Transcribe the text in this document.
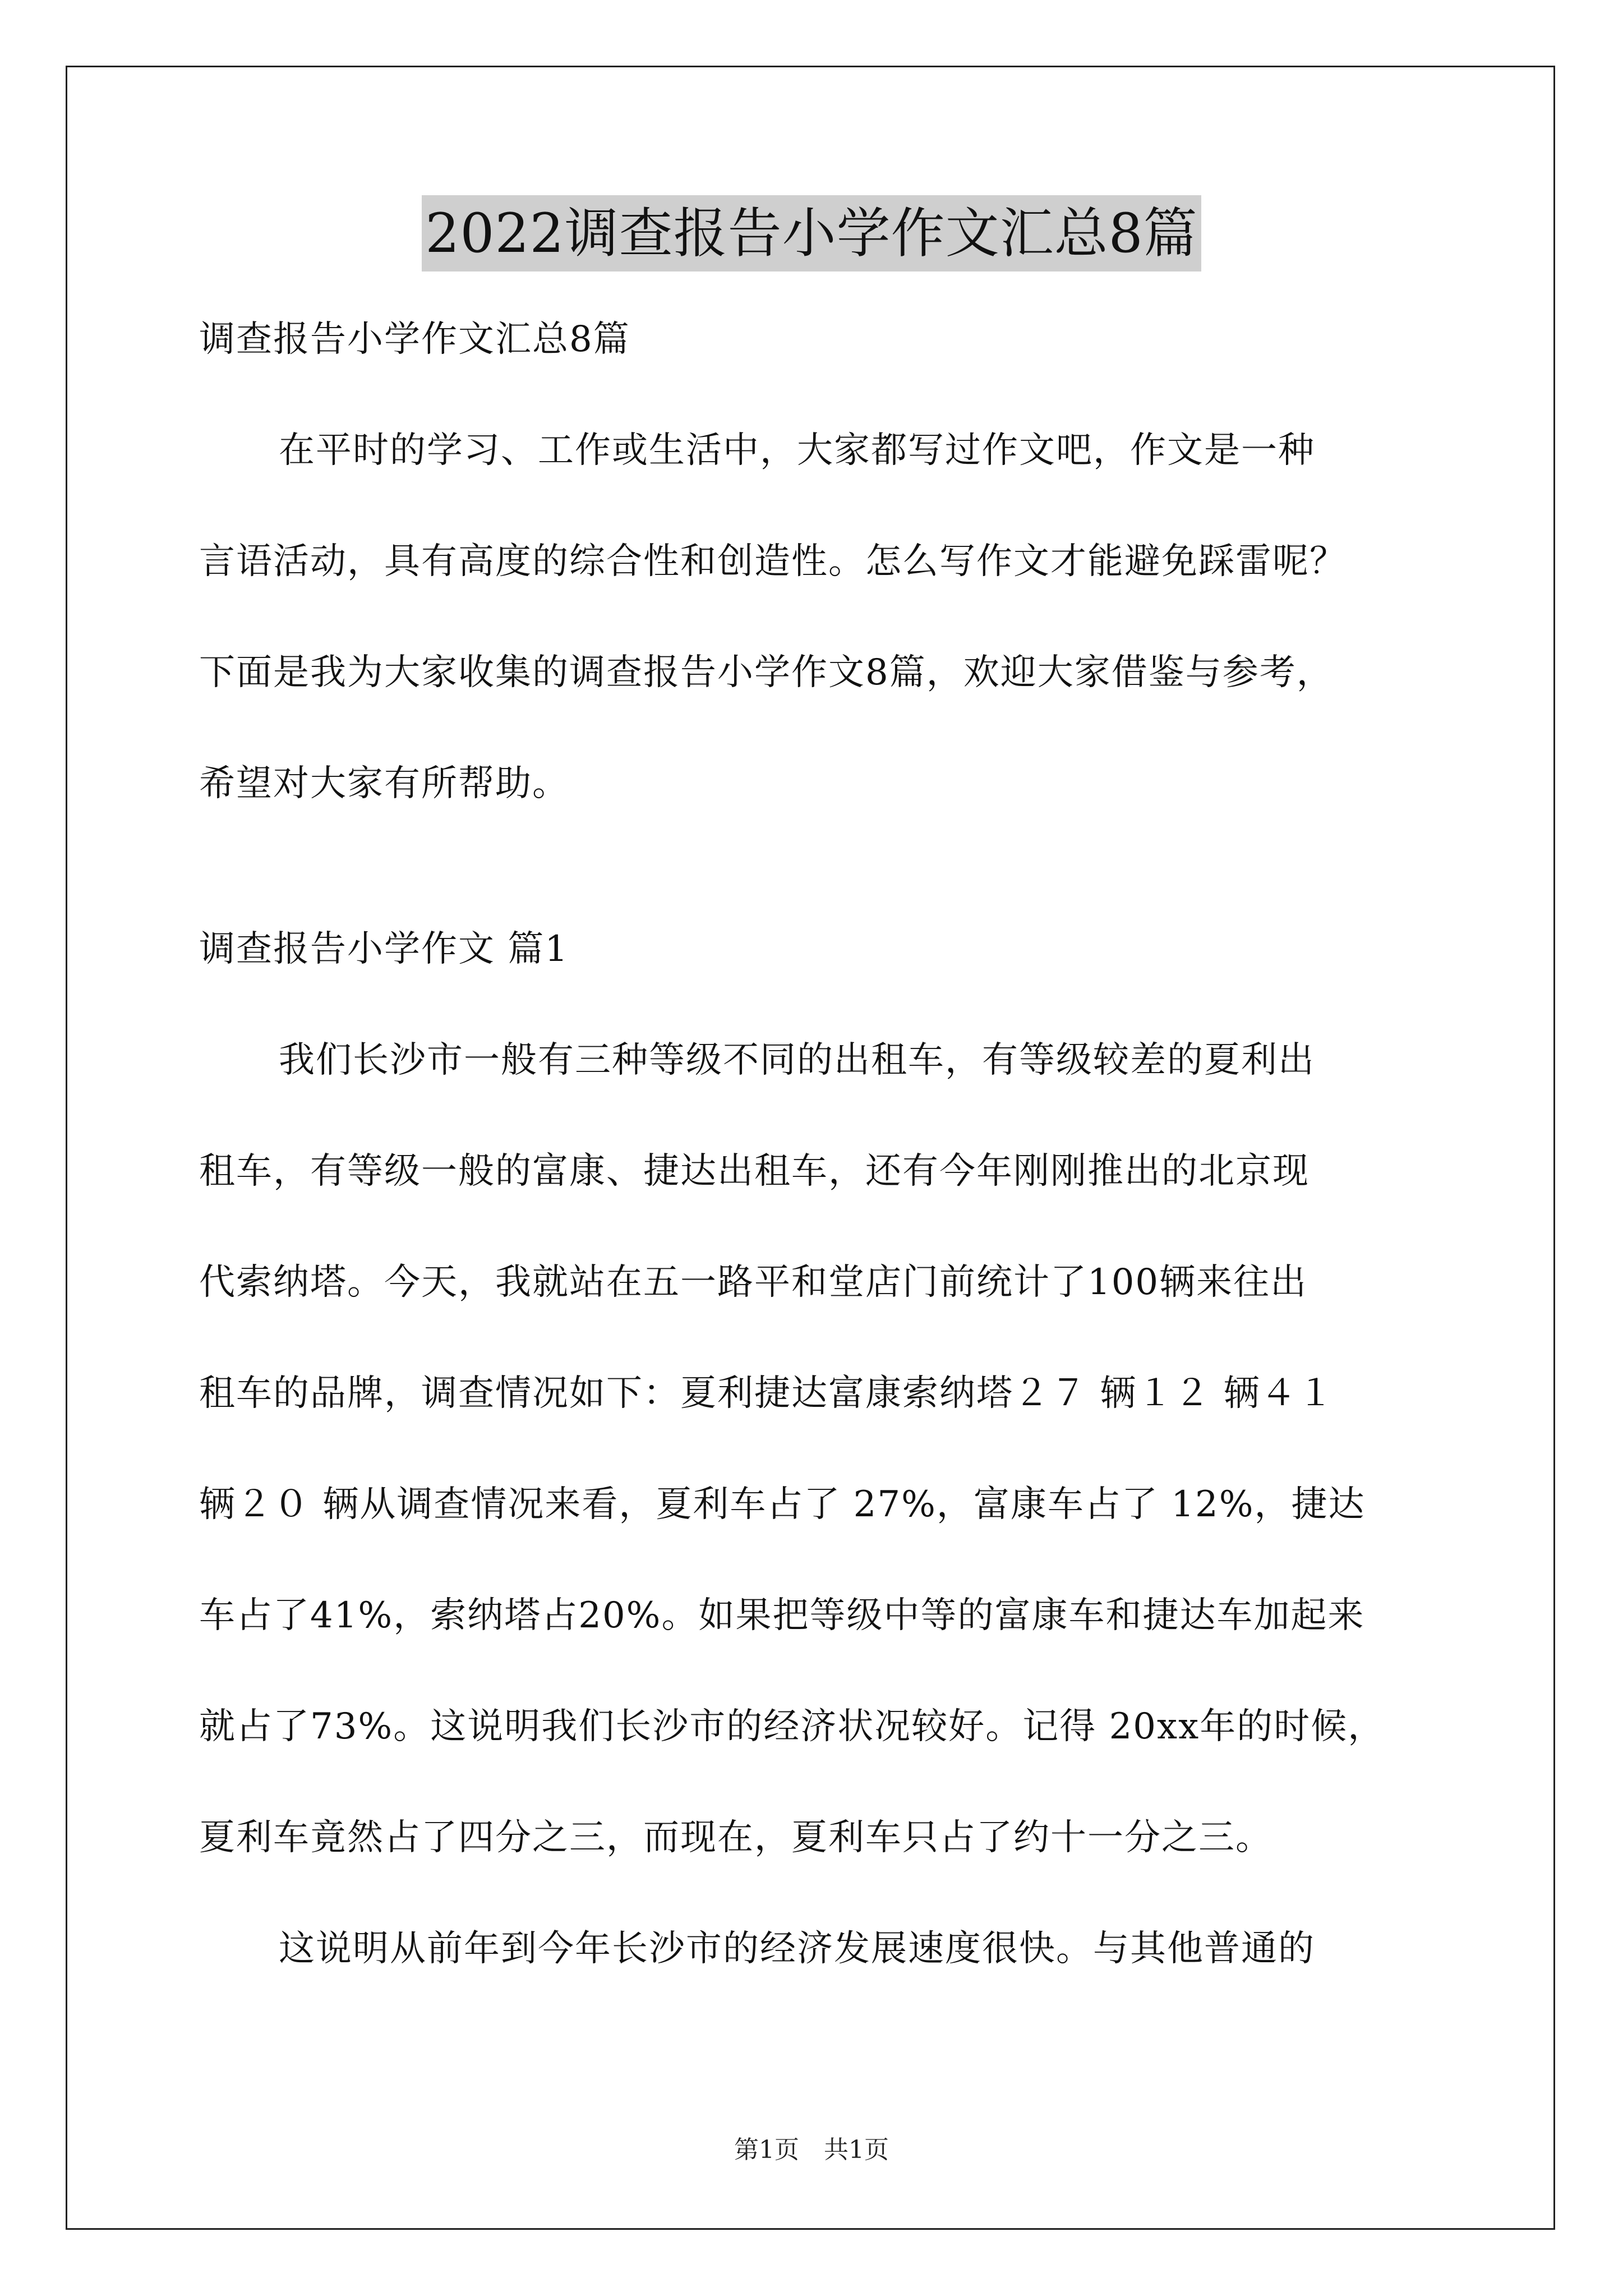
2022调查报告小学作文汇总8篇

调查报告小学作文汇总8篇

在平时的学习、工作或生活中，大家都写过作文吧，作文是一种

言语活动，具有高度的综合性和创造性。怎么写作文才能避免踩雷呢？

下面是我为大家收集的调查报告小学作文8篇，欢迎大家借鉴与参考，

希望对大家有所帮助。

调查报告小学作文 篇1

我们长沙市一般有三种等级不同的出租车，有等级较差的夏利出

租车，有等级一般的富康、捷达出租车，还有今年刚刚推出的北京现

代索纳塔。今天，我就站在五一路平和堂店门前统计了100辆来往出

租车的品牌，调查情况如下：夏利捷达富康索纳塔２７ 辆１２ 辆４１

辆２０ 辆从调查情况来看，夏利车占了 27%，富康车占了 12%，捷达

车占了41%，索纳塔占20%。如果把等级中等的富康车和捷达车加起来

就占了73%。这说明我们长沙市的经济状况较好。记得 20xx年的时候，

夏利车竟然占了四分之三，而现在，夏利车只占了约十一分之三。

这说明从前年到今年长沙市的经济发展速度很快。与其他普通的

第1页　共1页
